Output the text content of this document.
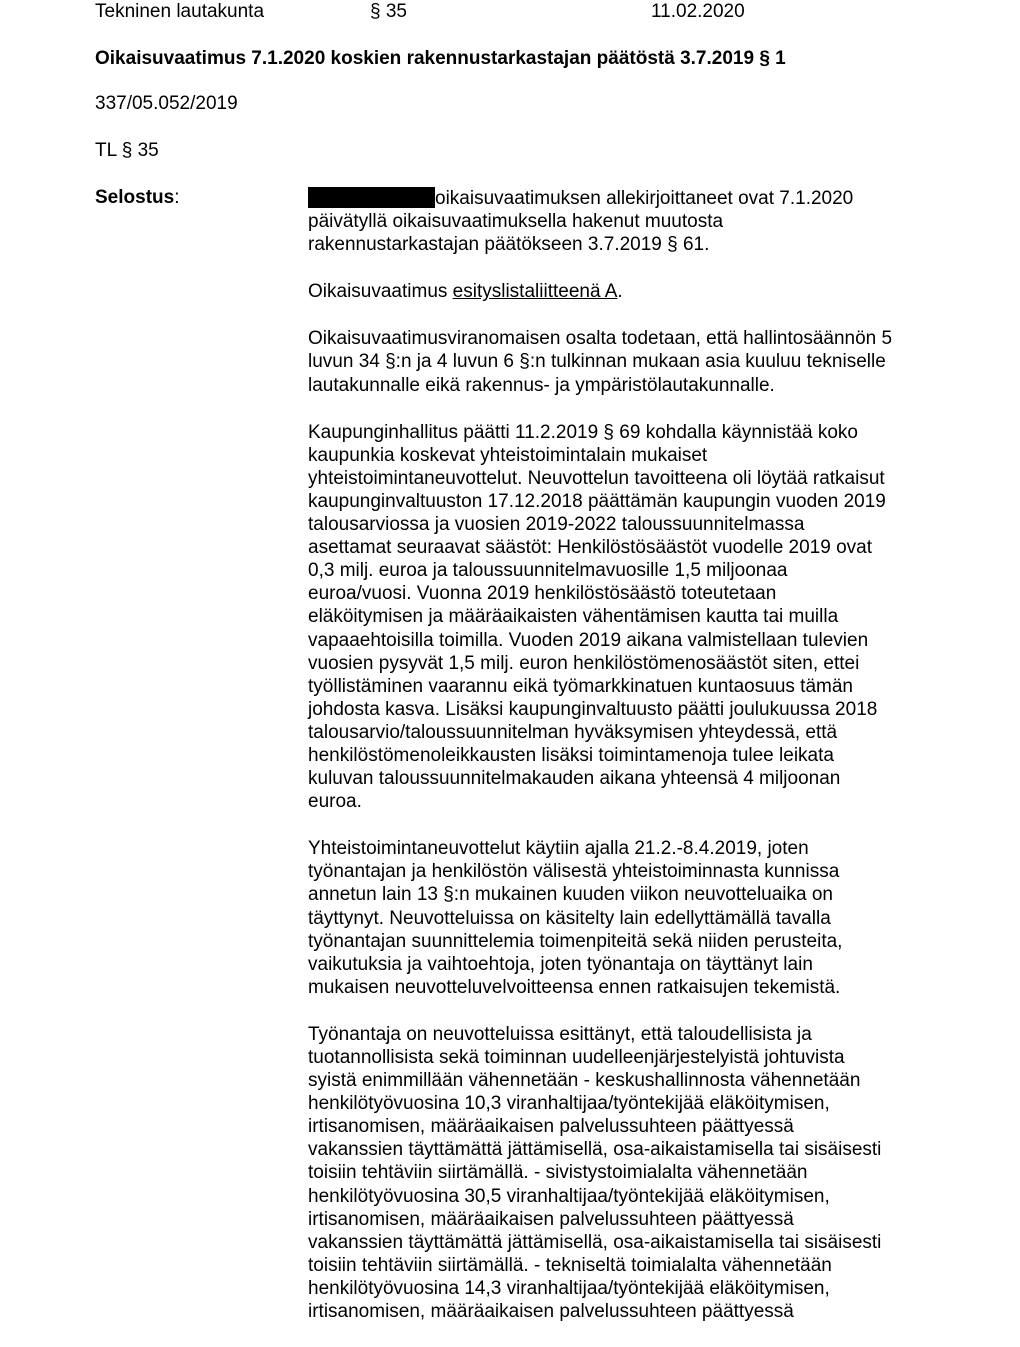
Tekninen lautakunta	§ 35	11.02.2020
Oikaisuvaatimus 7.1.2020 koskien rakennustarkastajan päätöstä 3.7.2019 § 1
337/05.052/2019
TL § 35
Selostus:	oikaisuvaatimuksen allekirjoittaneet ovat 7.1.2020
päivätyllä oikaisuvaatimuksella hakenut muutosta
rakennustarkastajan päätökseen 3.7.2019 § 61.

Oikaisuvaatimus esityslistaliitteenä A.

Oikaisuvaatimusviranomaisen osalta todetaan, että hallintosäännön 5
luvun 34 §:n ja 4 luvun 6 §:n tulkinnan mukaan asia kuuluu tekniselle
lautakunnalle eikä rakennus- ja ympäristölautakunnalle.

Kaupunginhallitus päätti 11.2.2019 § 69 kohdalla käynnistää koko
kaupunkia koskevat yhteistoimintalain mukaiset
yhteistoimintaneuvottelut. Neuvottelun tavoitteena oli löytää ratkaisut
kaupunginvaltuuston 17.12.2018 päättämän kaupungin vuoden 2019
talousarviossa ja vuosien 2019-2022 taloussuunnitelmassa
asettamat seuraavat säästöt: Henkilöstösäästöt vuodelle 2019 ovat
0,3 milj. euroa ja taloussuunnitelmavuosille 1,5 miljoonaa
euroa/vuosi. Vuonna 2019 henkilöstösäästö toteutetaan
eläköitymisen ja määräaikaisten vähentämisen kautta tai muilla
vapaaehtoisilla toimilla. Vuoden 2019 aikana valmistellaan tulevien
vuosien pysyvät 1,5 milj. euron henkilöstömenosäästöt siten, ettei
työllistäminen vaarannu eikä työmarkkinatuen kuntaosuus tämän
johdosta kasva. Lisäksi kaupunginvaltuusto päätti joulukuussa 2018
talousarvio/taloussuunnitelman hyväksymisen yhteydessä, että
henkilöstömenoleikkausten lisäksi toimintamenoja tulee leikata
kuluvan taloussuunnitelmakauden aikana yhteensä 4 miljoonan
euroa.

Yhteistoimintaneuvottelut käytiin ajalla 21.2.-8.4.2019, joten
työnantajan ja henkilöstön välisestä yhteistoiminnasta kunnissa
annetun lain 13 §:n mukainen kuuden viikon neuvotteluaika on
täyttynyt. Neuvotteluissa on käsitelty lain edellyttämällä tavalla
työnantajan suunnittelemia toimenpiteitä sekä niiden perusteita,
vaikutuksia ja vaihtoehtoja, joten työnantaja on täyttänyt lain
mukaisen neuvotteluvelvoitteensa ennen ratkaisujen tekemistä.

Työnantaja on neuvotteluissa esittänyt, että taloudellisista ja
tuotannollisista sekä toiminnan uudelleenjärjestelyistä johtuvista
syistä enimmillään vähennetään - keskushallinnosta vähennetään
henkilötyövuosina 10,3 viranhaltijaa/työntekijää eläköitymisen,
irtisanomisen, määräaikaisen palvelussuhteen päättyessä
vakanssien täyttämättä jättämisellä, osa-aikaistamisella tai sisäisesti
toisiin tehtäviin siirtämällä. - sivistystoimialalta vähennetään
henkilötyövuosina 30,5 viranhaltijaa/työntekijää eläköitymisen,
irtisanomisen, määräaikaisen palvelussuhteen päättyessä
vakanssien täyttämättä jättämisellä, osa-aikaistamisella tai sisäisesti
toisiin tehtäviin siirtämällä. - tekniseltä toimialalta vähennetään
henkilötyövuosina 14,3 viranhaltijaa/työntekijää eläköitymisen,
irtisanomisen, määräaikaisen palvelussuhteen päättyessä
